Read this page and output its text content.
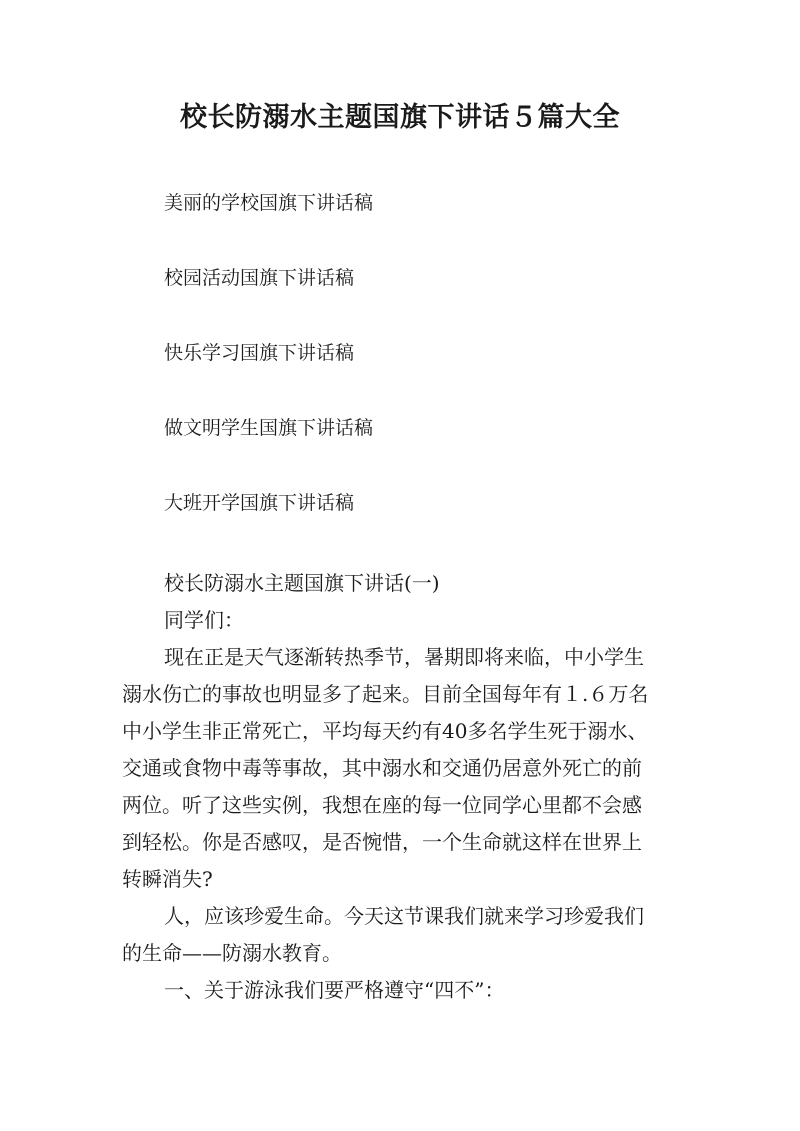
校长防溺水主题国旗下讲话５篇大全
美丽的学校国旗下讲话稿
校园活动国旗下讲话稿
快乐学习国旗下讲话稿
做文明学生国旗下讲话稿
大班开学国旗下讲话稿
校长防溺水主题国旗下讲话(一)
同学们：
现在正是天气逐渐转热季节，暑期即将来临，中小学生
溺水伤亡的事故也明显多了起来。目前全国每年有１.６万名
中小学生非正常死亡，平均每天约有40多名学生死于溺水、
交通或食物中毒等事故，其中溺水和交通仍居意外死亡的前
两位。听了这些实例，我想在座的每一位同学心里都不会感
到轻松。你是否感叹，是否惋惜，一个生命就这样在世界上
转瞬消失?
人，应该珍爱生命。今天这节课我们就来学习珍爱我们
的生命——防溺水教育。
一、关于游泳我们要严格遵守“四不”：
